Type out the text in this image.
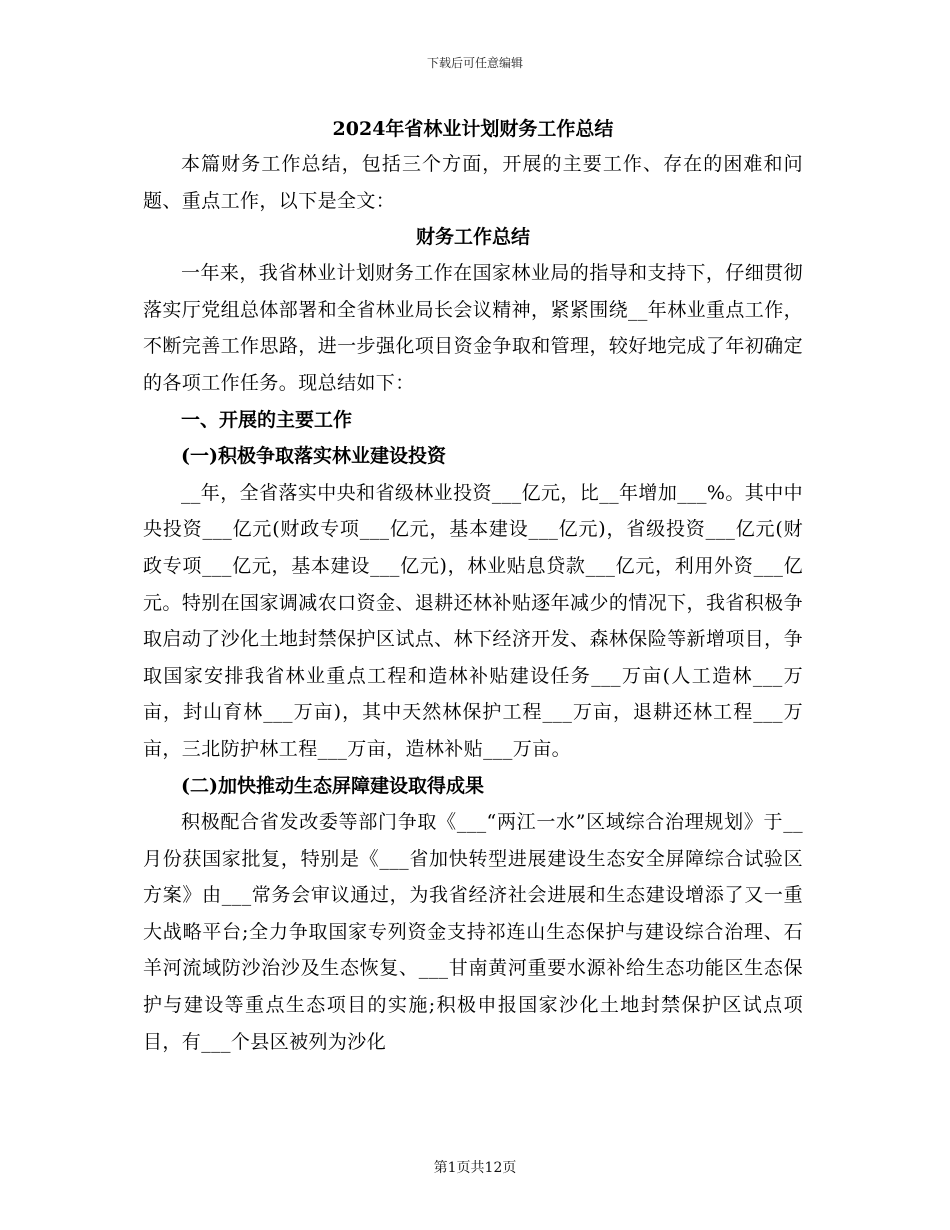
下载后可任意编辑

2024年省林业计划财务工作总结

本篇财务工作总结，包括三个方面，开展的主要工作、存在的困难和问题、重点工作，以下是全文：

财务工作总结

一年来，我省林业计划财务工作在国家林业局的指导和支持下，仔细贯彻落实厅党组总体部署和全省林业局长会议精神，紧紧围绕__年林业重点工作，不断完善工作思路，进一步强化项目资金争取和管理，较好地完成了年初确定的各项工作任务。现总结如下：

一、开展的主要工作

(一)积极争取落实林业建设投资

__年，全省落实中央和省级林业投资___亿元，比__年增加___%。其中中央投资___亿元(财政专项___亿元，基本建设___亿元)，省级投资___亿元(财政专项___亿元，基本建设___亿元)，林业贴息贷款___亿元，利用外资___亿元。特别在国家调减农口资金、退耕还林补贴逐年减少的情况下，我省积极争取启动了沙化土地封禁保护区试点、林下经济开发、森林保险等新增项目，争取国家安排我省林业重点工程和造林补贴建设任务___万亩(人工造林___万亩，封山育林___万亩)，其中天然林保护工程___万亩，退耕还林工程___万亩，三北防护林工程___万亩，造林补贴___万亩。

(二)加快推动生态屏障建设取得成果

积极配合省发改委等部门争取《___“两江一水”区域综合治理规划》于__月份获国家批复，特别是《___省加快转型进展建设生态安全屏障综合试验区方案》由___常务会审议通过，为我省经济社会进展和生态建设增添了又一重大战略平台;全力争取国家专列资金支持祁连山生态保护与建设综合治理、石羊河流域防沙治沙及生态恢复、___甘南黄河重要水源补给生态功能区生态保护与建设等重点生态项目的实施;积极申报国家沙化土地封禁保护区试点项目，有___个县区被列为沙化

第1页共12页
